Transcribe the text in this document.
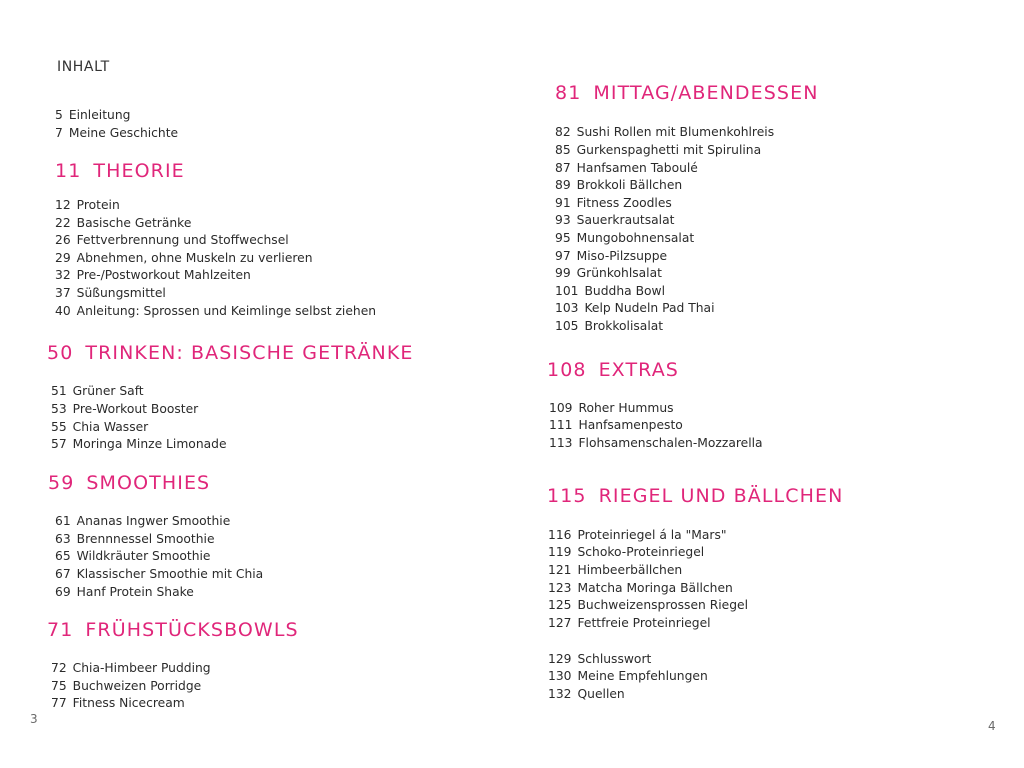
INHALT
5 Einleitung
7 Meine Geschichte
11 THEORIE
12 Protein
22 Basische Getränke
26 Fettverbrennung und Stoffwechsel
29 Abnehmen, ohne Muskeln zu verlieren
32 Pre-/Postworkout Mahlzeiten
37 Süßungsmittel
40 Anleitung: Sprossen und Keimlinge selbst ziehen
50 TRINKEN: BASISCHE GETRÄNKE
51 Grüner Saft
53 Pre-Workout Booster
55 Chia Wasser
57 Moringa Minze Limonade
59 SMOOTHIES
61 Ananas Ingwer Smoothie
63 Brennnessel Smoothie
65 Wildkräuter Smoothie
67 Klassischer Smoothie mit Chia
69 Hanf Protein Shake
71 FRÜHSTÜCKSBOWLS
72 Chia-Himbeer Pudding
75 Buchweizen Porridge
77 Fitness Nicecream
81 MITTAG/ABENDESSEN
82 Sushi Rollen mit Blumenkohlreis
85 Gurkenspaghetti mit Spirulina
87 Hanfsamen Taboulé
89 Brokkoli Bällchen
91 Fitness Zoodles
93 Sauerkrautsalat
95 Mungobohnensalat
97 Miso-Pilzsuppe
99 Grünkohlsalat
101 Buddha Bowl
103 Kelp Nudeln Pad Thai
105 Brokkolisalat
108 EXTRAS
109 Roher Hummus
111 Hanfsamenpesto
113 Flohsamenschalen-Mozzarella
115 RIEGEL UND BÄLLCHEN
116 Proteinriegel á la "Mars"
119 Schoko-Proteinriegel
121 Himbeerbällchen
123 Matcha Moringa Bällchen
125 Buchweizensprossen Riegel
127 Fettfreie Proteinriegel
129 Schlusswort
130 Meine Empfehlungen
132 Quellen
3	4
